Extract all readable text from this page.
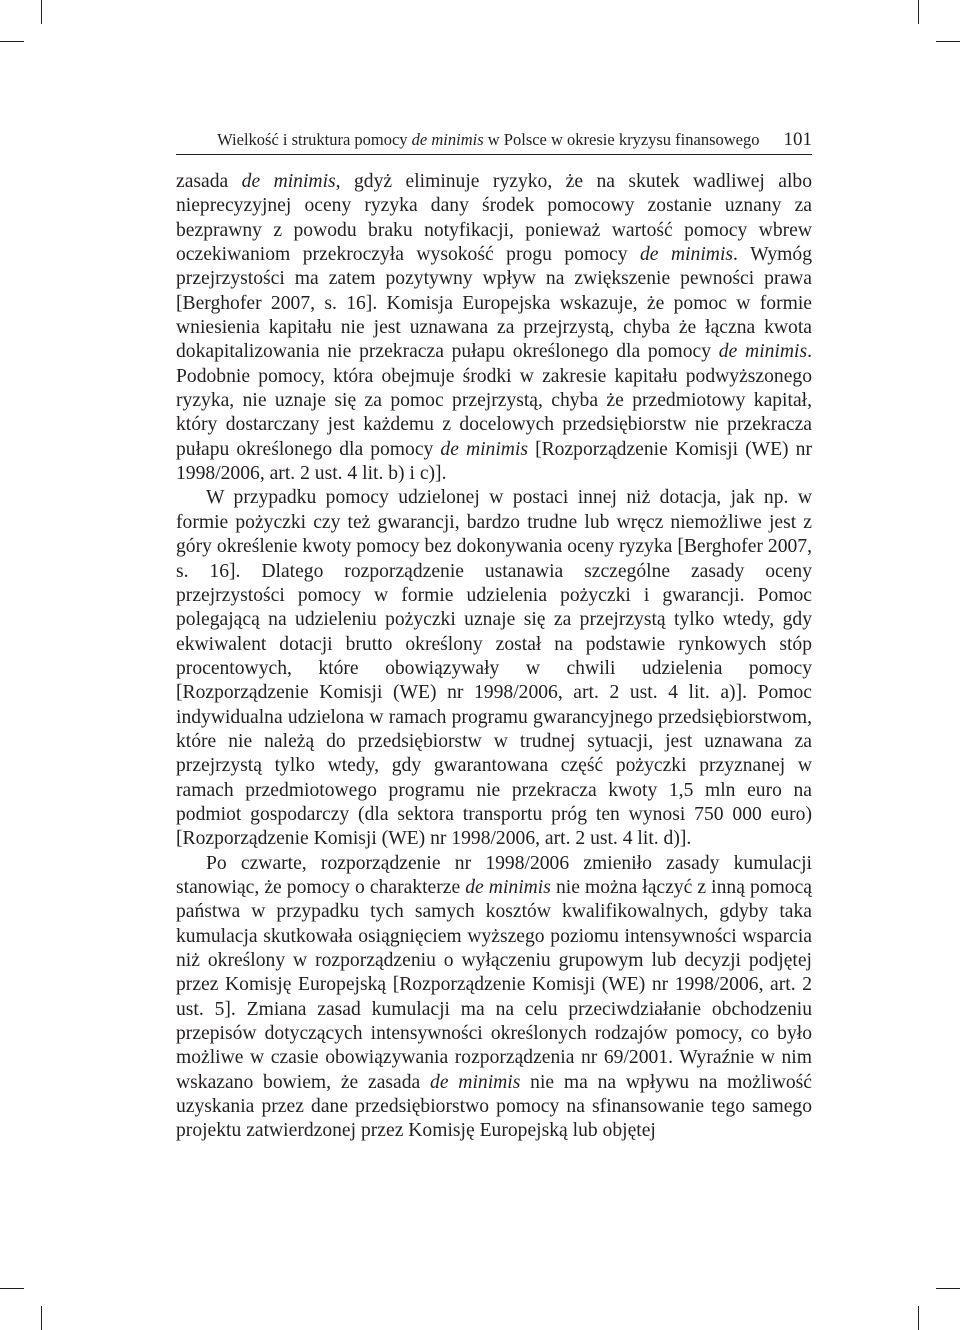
Wielkość i struktura pomocy de minimis w Polsce w okresie kryzysu finansowego 101

zasada de minimis, gdyż eliminuje ryzyko, że na skutek wadliwej albo nieprecyzyjnej oceny ryzyka dany środek pomocowy zostanie uznany za bezprawny z powodu braku notyfikacji, ponieważ wartość pomocy wbrew oczekiwaniom przekroczyła wysokość progu pomocy de minimis. Wymóg przejrzystości ma zatem pozytywny wpływ na zwiększenie pewności prawa [Berghofer 2007, s. 16]. Komisja Europejska wskazuje, że pomoc w formie wniesienia kapitału nie jest uznawana za przejrzystą, chyba że łączna kwota dokapitalizowania nie przekracza pułapu określonego dla pomocy de minimis. Podobnie pomocy, która obejmuje środki w zakresie kapitału podwyższonego ryzyka, nie uznaje się za pomoc przejrzystą, chyba że przedmiotowy kapitał, który dostarczany jest każdemu z docelowych przedsiębiorstw nie przekracza pułapu określonego dla pomocy de minimis [Rozporządzenie Komisji (WE) nr 1998/2006, art. 2 ust. 4 lit. b) i c)].

W przypadku pomocy udzielonej w postaci innej niż dotacja, jak np. w formie pożyczki czy też gwarancji, bardzo trudne lub wręcz niemożliwe jest z góry określenie kwoty pomocy bez dokonywania oceny ryzyka [Berghofer 2007, s. 16]. Dlatego rozporządzenie ustanawia szczególne zasady oceny przejrzystości pomocy w formie udzielenia pożyczki i gwarancji. Pomoc polegającą na udzieleniu pożyczki uznaje się za przejrzystą tylko wtedy, gdy ekwiwalent dotacji brutto określony został na podstawie rynkowych stóp procentowych, które obowiązywały w chwili udzielenia pomocy [Rozporządzenie Komisji (WE) nr 1998/2006, art. 2 ust. 4 lit. a)]. Pomoc indywidualna udzielona w ramach programu gwarancyjnego przedsiębiorstwom, które nie należą do przedsiębiorstw w trudnej sytuacji, jest uznawana za przejrzystą tylko wtedy, gdy gwarantowana część pożyczki przyznanej w ramach przedmiotowego programu nie przekracza kwoty 1,5 mln euro na podmiot gospodarczy (dla sektora transportu próg ten wynosi 750 000 euro) [Rozporządzenie Komisji (WE) nr 1998/2006, art. 2 ust. 4 lit. d)].

Po czwarte, rozporządzenie nr 1998/2006 zmieniło zasady kumulacji stanowiąc, że pomocy o charakterze de minimis nie można łączyć z inną pomocą państwa w przypadku tych samych kosztów kwalifikowalnych, gdyby taka kumulacja skutkowała osiągnięciem wyższego poziomu intensywności wsparcia niż określony w rozporządzeniu o wyłączeniu grupowym lub decyzji podjętej przez Komisję Europejską [Rozporządzenie Komisji (WE) nr 1998/2006, art. 2 ust. 5]. Zmiana zasad kumulacji ma na celu przeciwdziałanie obchodzeniu przepisów dotyczących intensywności określonych rodzajów pomocy, co było możliwe w czasie obowiązywania rozporządzenia nr 69/2001. Wyraźnie w nim wskazano bowiem, że zasada de minimis nie ma na wpływu na możliwość uzyskania przez dane przedsiębiorstwo pomocy na sfinansowanie tego samego projektu zatwierdzonej przez Komisję Europejską lub objętej
